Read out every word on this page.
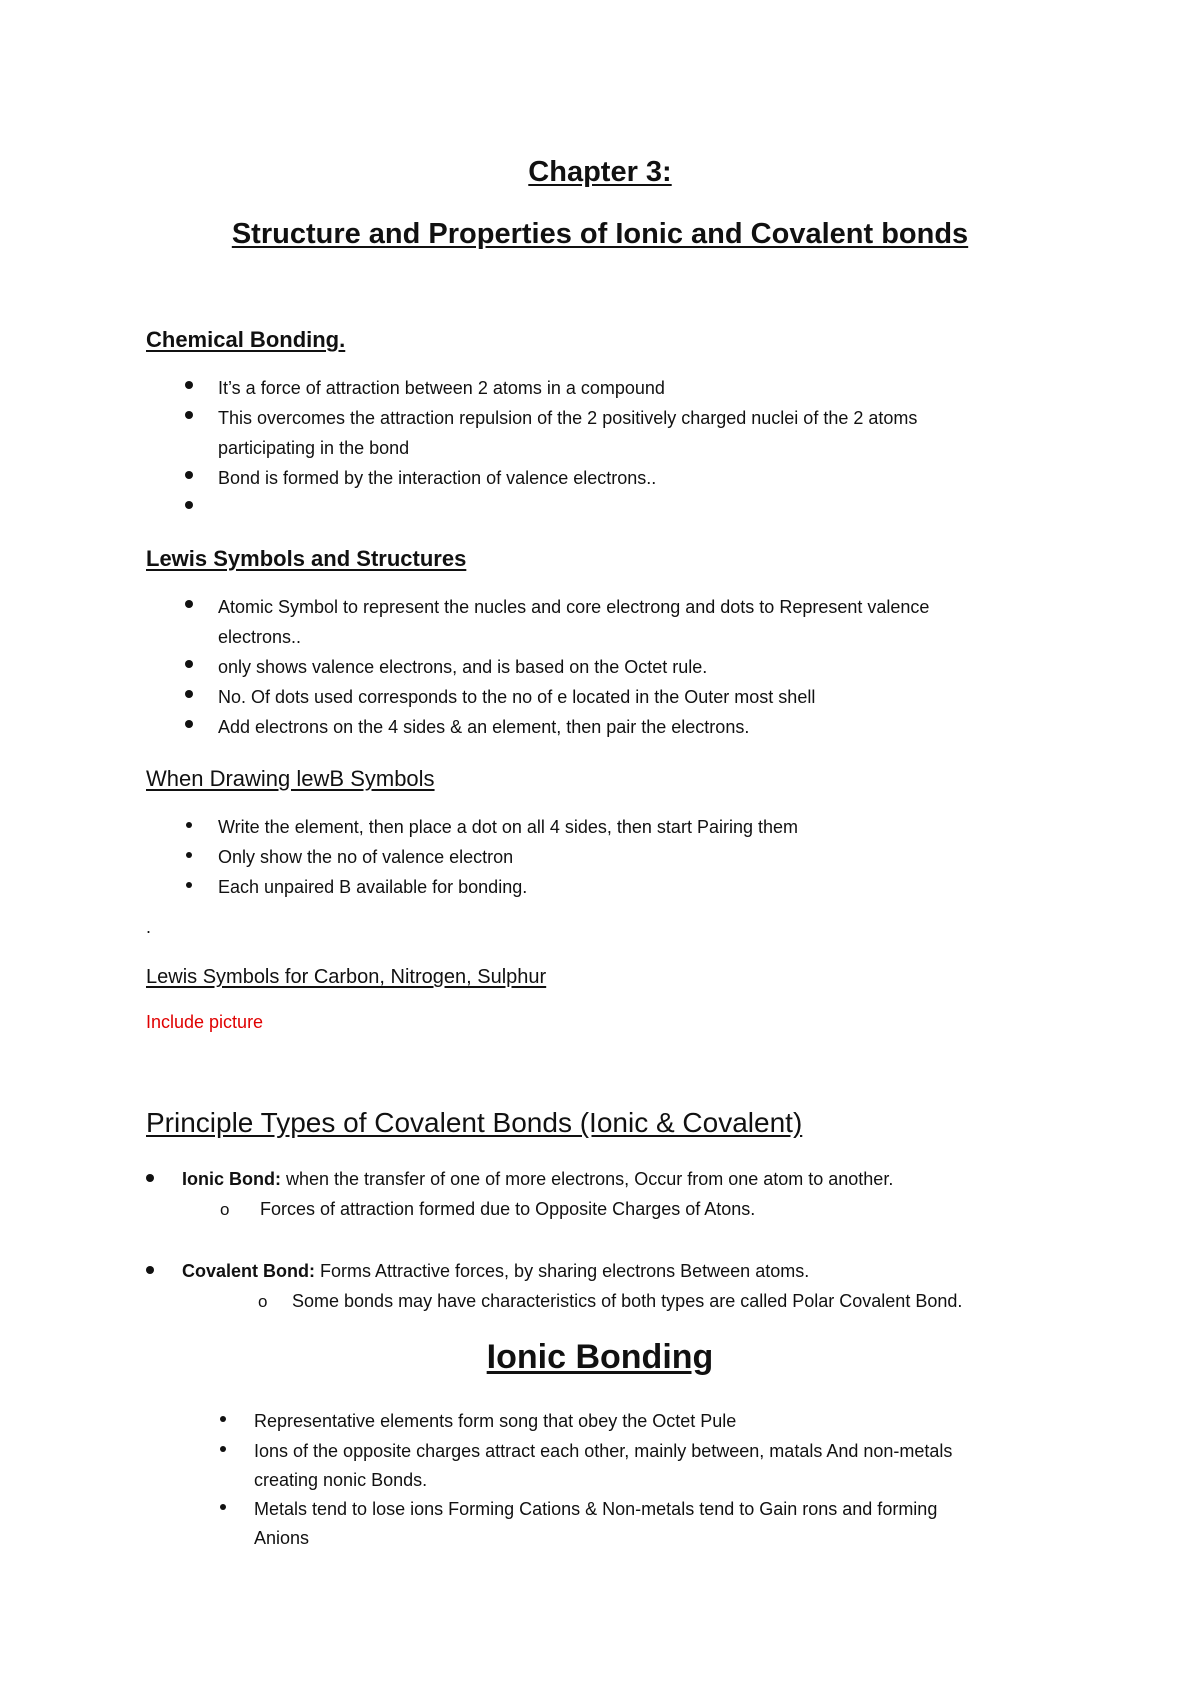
Chapter 3:
Structure and Properties of Ionic and Covalent bonds
Chemical Bonding.
It’s a force of attraction between 2 atoms in a compound
This overcomes the attraction repulsion of the 2 positively charged nuclei of the 2 atoms
participating in the bond
Bond is formed by the interaction of valence electrons..
Lewis Symbols and Structures
Atomic Symbol to represent the nucles and core electrong and dots to Represent valence
electrons..
only shows valence electrons, and is based on the Octet rule.
No. Of dots used corresponds to the no of e located in the Outer most shell
Add electrons on the 4 sides & an element, then pair the electrons.
When Drawing lewB Symbols
Write the element, then place a dot on all 4 sides, then start Pairing them
Only show the no of valence electron
Each unpaired B available for bonding.
.
Lewis Symbols for Carbon, Nitrogen, Sulphur
Include picture
Principle Types of Covalent Bonds (Ionic & Covalent)
Ionic Bond: when the transfer of one of more electrons, Occur from one atom to another.
o Forces of attraction formed due to Opposite Charges of Atons.
Covalent Bond: Forms Attractive forces, by sharing electrons Between atoms.
o Some bonds may have characteristics of both types are called Polar Covalent Bond.
Ionic Bonding
Representative elements form song that obey the Octet Pule
Ions of the opposite charges attract each other, mainly between, matals And non-metals
creating nonic Bonds.
Metals tend to lose ions Forming Cations & Non-metals tend to Gain rons and forming
Anions
